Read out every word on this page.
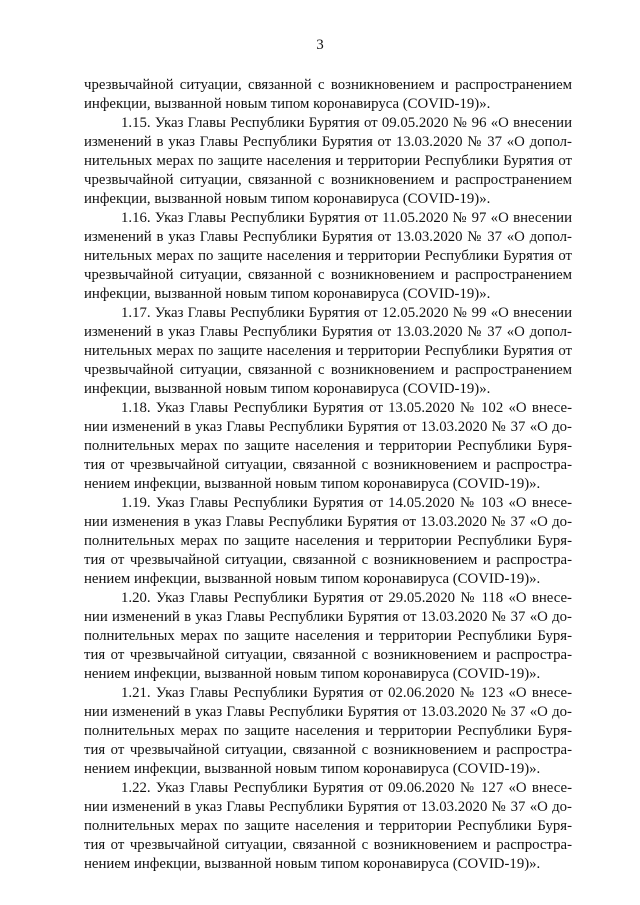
3
чрезвычайной ситуации, связанной с возникновением и распространением
инфекции, вызванной новым типом коронавируса (COVID-19)».
1.15. Указ Главы Республики Бурятия от 09.05.2020 № 96 «О внесении
изменений в указ Главы Республики Бурятия от 13.03.2020 № 37 «О допол-
нительных мерах по защите населения и территории Республики Бурятия от
чрезвычайной ситуации, связанной с возникновением и распространением
инфекции, вызванной новым типом коронавируса (COVID-19)».
1.16. Указ Главы Республики Бурятия от 11.05.2020 № 97 «О внесении
изменений в указ Главы Республики Бурятия от 13.03.2020 № 37 «О допол-
нительных мерах по защите населения и территории Республики Бурятия от
чрезвычайной ситуации, связанной с возникновением и распространением
инфекции, вызванной новым типом коронавируса (COVID-19)».
1.17. Указ Главы Республики Бурятия от 12.05.2020 № 99 «О внесении
изменений в указ Главы Республики Бурятия от 13.03.2020 № 37 «О допол-
нительных мерах по защите населения и территории Республики Бурятия от
чрезвычайной ситуации, связанной с возникновением и распространением
инфекции, вызванной новым типом коронавируса (COVID-19)».
1.18. Указ Главы Республики Бурятия от 13.05.2020 № 102 «О внесе-
нии изменений в указ Главы Республики Бурятия от 13.03.2020 № 37 «О до-
полнительных мерах по защите населения и территории Республики Буря-
тия от чрезвычайной ситуации, связанной с возникновением и распростра-
нением инфекции, вызванной новым типом коронавируса (COVID-19)».
1.19. Указ Главы Республики Бурятия от 14.05.2020 № 103 «О внесе-
нии изменения в указ Главы Республики Бурятия от 13.03.2020 № 37 «О до-
полнительных мерах по защите населения и территории Республики Буря-
тия от чрезвычайной ситуации, связанной с возникновением и распростра-
нением инфекции, вызванной новым типом коронавируса (COVID-19)».
1.20. Указ Главы Республики Бурятия от 29.05.2020 № 118 «О внесе-
нии изменений в указ Главы Республики Бурятия от 13.03.2020 № 37 «О до-
полнительных мерах по защите населения и территории Республики Буря-
тия от чрезвычайной ситуации, связанной с возникновением и распростра-
нением инфекции, вызванной новым типом коронавируса (COVID-19)».
1.21. Указ Главы Республики Бурятия от 02.06.2020 № 123 «О внесе-
нии изменений в указ Главы Республики Бурятия от 13.03.2020 № 37 «О до-
полнительных мерах по защите населения и территории Республики Буря-
тия от чрезвычайной ситуации, связанной с возникновением и распростра-
нением инфекции, вызванной новым типом коронавируса (COVID-19)».
1.22. Указ Главы Республики Бурятия от 09.06.2020 № 127 «О внесе-
нии изменений в указ Главы Республики Бурятия от 13.03.2020 № 37 «О до-
полнительных мерах по защите населения и территории Республики Буря-
тия от чрезвычайной ситуации, связанной с возникновением и распростра-
нением инфекции, вызванной новым типом коронавируса (COVID-19)».
